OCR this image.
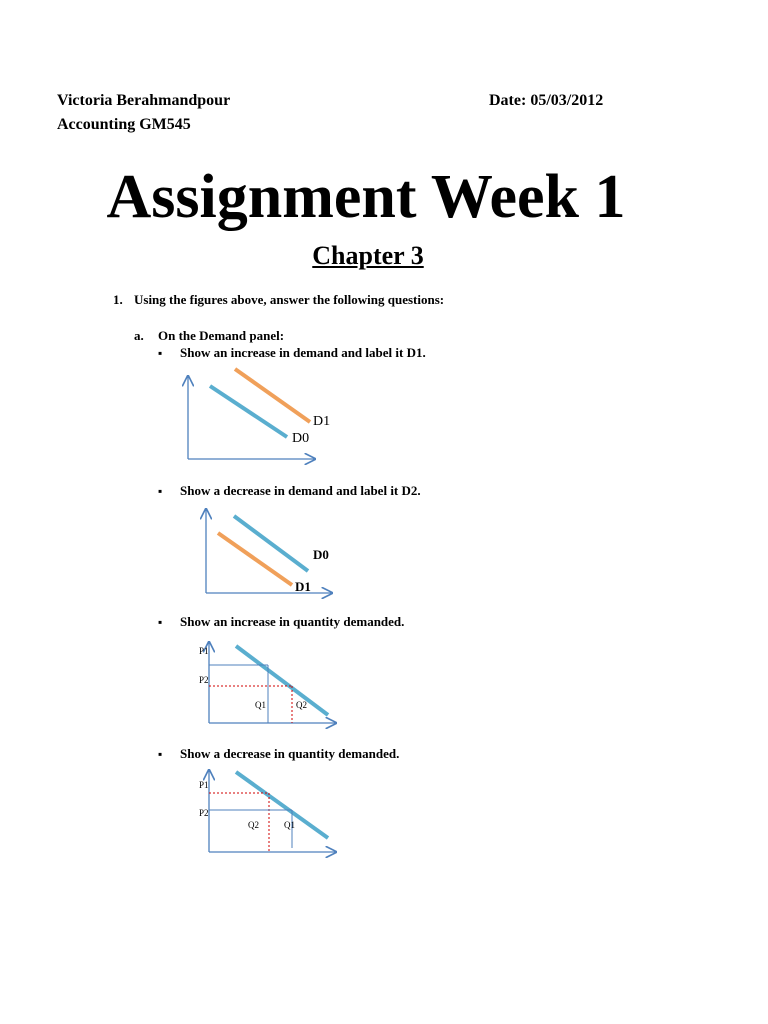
Victoria Berahmandpour
Accounting GM545
Date: 05/03/2012
Assignment Week 1
Chapter 3
1. Using the figures above, answer the following questions:
a. On the Demand panel:
▪ Show an increase in demand and label it D1.
D1
D0
▪ Show a decrease in demand and label it D2.
D0
D1
▪ Show an increase in quantity demanded.
P1
P2
Q1	Q2
▪ Show a decrease in quantity demanded.
P1
P2
Q2	Q1
